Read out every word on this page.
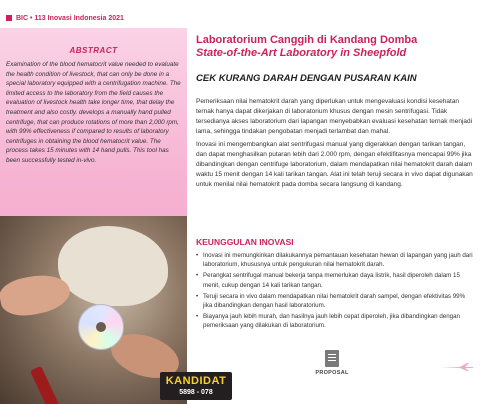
BIC • 113 Inovasi Indonesia 2021
ABSTRACT

Examination of the blood hematocrit value needed to evaluate the health condition of livestock, that can only be done in a special laboratory equipped with a centrifugation machine. The limited access to the laboratory from the field causes the evaluation of livestock health take longer time, that delay the treatment and also costly. develops a manually hand pulled centrifuge, that can produce rotations of more than 2,000 rpm, with 99% effectiveness if compared to results of laboratory centrifuges in obtaining the blood hematocrit value. The process takes 15 minutes with 14 hand pulls. This tool has been successfully tested in-vivo.

KANDIDAT
5898 - 078
Laboratorium Canggih di Kandang Domba
State-of-the-Art Laboratory in Sheepfold
CEK KURANG DARAH DENGAN PUSARAN KAIN

Pemeriksaan nilai hematokrit darah yang diperlukan untuk mengevaluasi kondisi kesehatan ternak hanya dapat dikerjakan di laboratorium khusus dengan mesin sentrifugasi. Tidak tersedianya akses laboratorium dari lapangan menyebabkan evaluasi kesehatan ternak menjadi lama, sehingga tindakan pengobatan menjadi terlambat dan mahal.

Inovasi ini mengembangkan alat sentrifugasi manual yang digerakkan dengan tarikan tangan, dan dapat menghasilkan putaran lebih dari 2.000 rpm, dengan efektifitasnya mencapai 99% jika dibandingkan dengan centrifuge laboratorium, dalam mendapatkan nilai hematokrit darah dalam waktu 15 menit dengan 14 kali tarikan tangan. Alat ini telah teruji secara in vivo dapat digunakan untuk menilai nilai hematokrit pada domba secara langsung di kandang.

KEUNGGULAN INOVASI
• Inovasi ini memungkinkan dilakukannya pemantauan kesehatan hewan di lapangan yang jauh dari laboratorium, khususnya untuk pengukuran nilai hematokrit darah.
• Perangkat sentrifugal manual bekerja tanpa memerlukan daya listrik, hasil diperoleh dalam 15 menit, cukup dengan 14 kali tarikan tangan.
• Teruji secara in vivo dalam mendapatkan nilai hematokrit darah sampel, dengan efektivitas 99% jika dibandingkan dengan hasil laboratorium.
• Biayanya jauh lebih murah, dan hasilnya jauh lebih cepat diperoleh, jika dibandingkan dengan pemeriksaan yang dilakukan di laboratorium.
PROPOSAL
